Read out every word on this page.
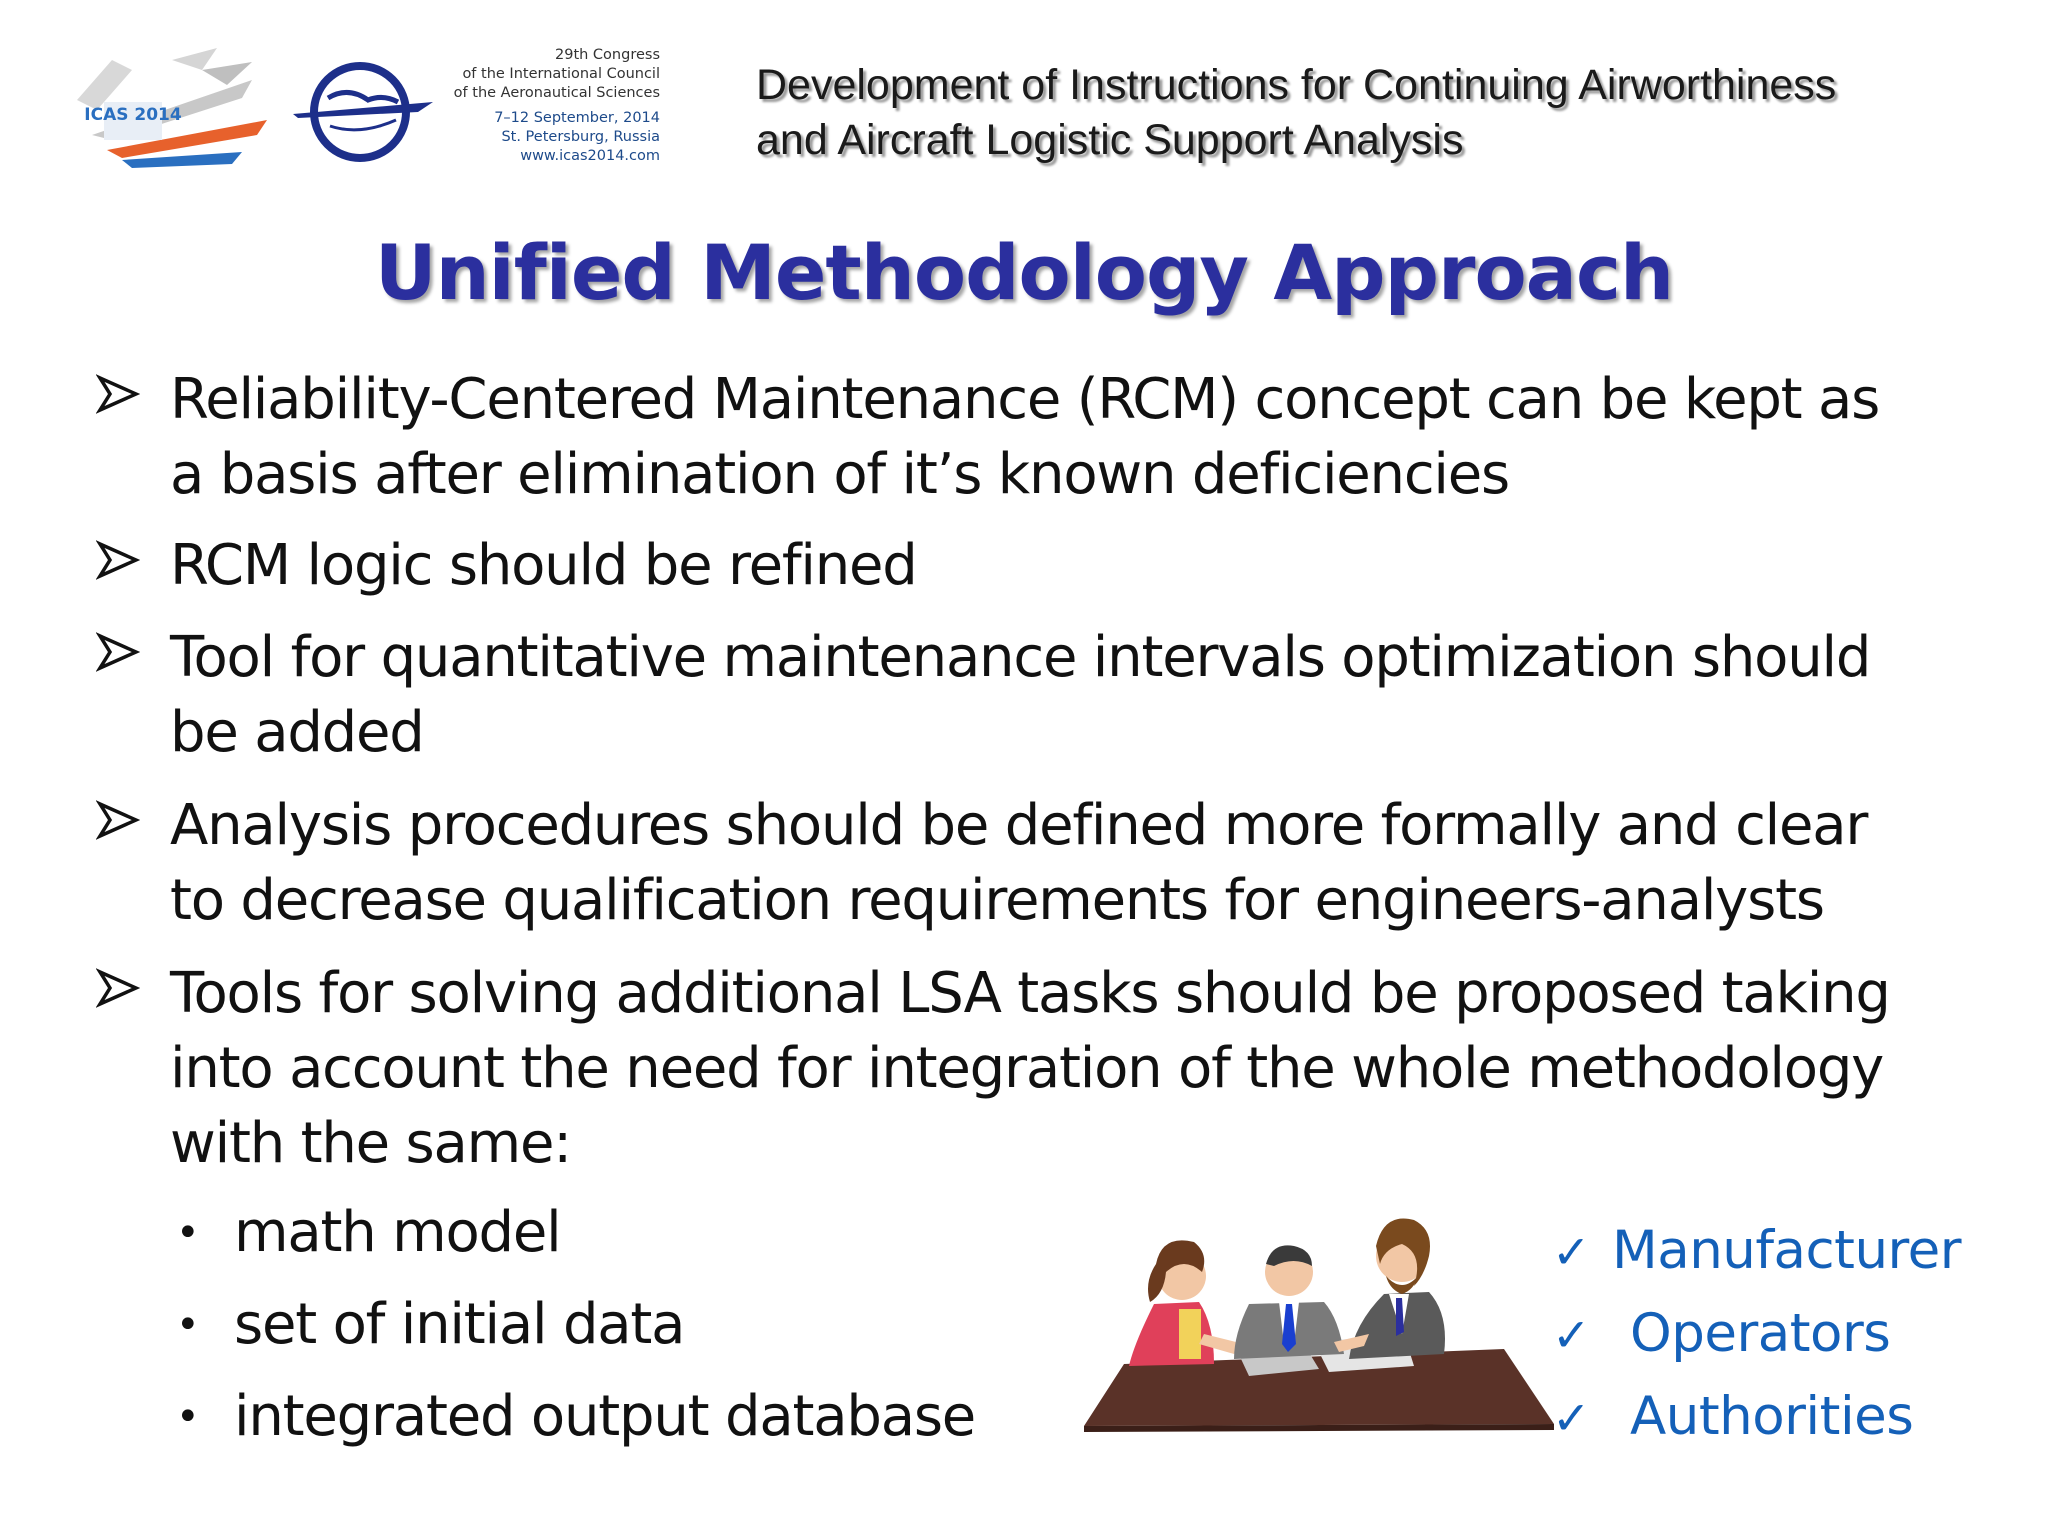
ICAS 2014
29th Congress
of the International Council
of the Aeronautical Sciences
7–12 September, 2014
St. Petersburg, Russia
www.icas2014.com
Development of Instructions for Continuing Airworthiness
and Aircraft Logistic Support Analysis
Unified Methodology Approach
Reliability-Centered Maintenance (RCM) concept can be kept as
a basis after elimination of it’s known deficiencies
RCM logic should be refined
Tool for quantitative maintenance intervals optimization should
be added
Analysis procedures should be defined more formally and clear
to decrease qualification requirements for engineers-analysts
Tools for solving additional LSA tasks should be proposed taking
into account the need for integration of the whole methodology
with the same:
• math model
• set of initial data
• integrated output database
✓ Manufacturer
✓ Operators
✓ Authorities
